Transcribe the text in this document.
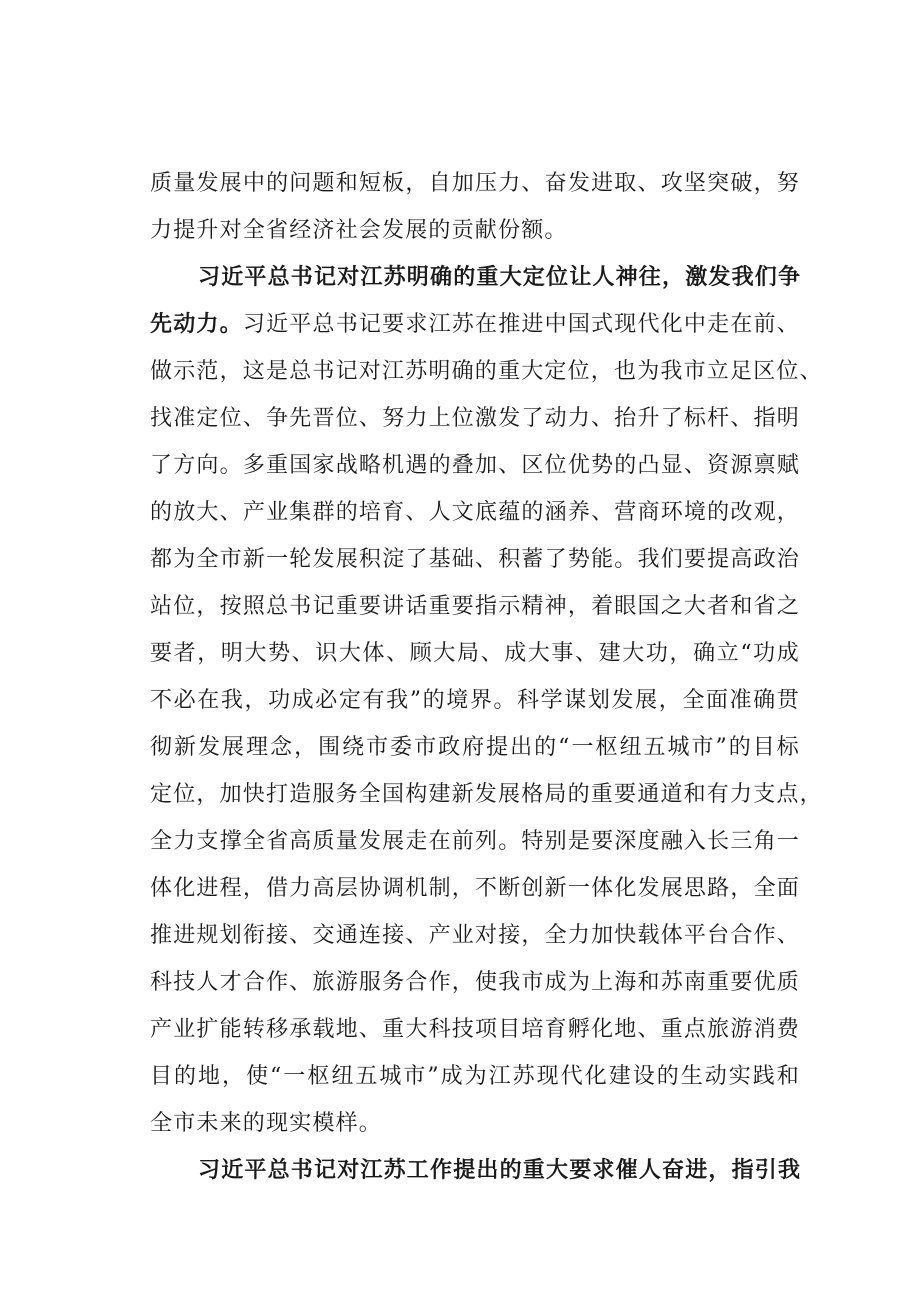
质量发展中的问题和短板，自加压力、奋发进取、攻坚突破，努
力提升对全省经济社会发展的贡献份额。
习近平总书记对江苏明确的重大定位让人神往，激发我们争
先动力。习近平总书记要求江苏在推进中国式现代化中走在前、
做示范，这是总书记对江苏明确的重大定位，也为我市立足区位、
找准定位、争先晋位、努力上位激发了动力、抬升了标杆、指明
了方向。多重国家战略机遇的叠加、区位优势的凸显、资源禀赋
的放大、产业集群的培育、人文底蕴的涵养、营商环境的改观，
都为全市新一轮发展积淀了基础、积蓄了势能。我们要提高政治
站位，按照总书记重要讲话重要指示精神，着眼国之大者和省之
要者，明大势、识大体、顾大局、成大事、建大功，确立“功成
不必在我，功成必定有我”的境界。科学谋划发展，全面准确贯
彻新发展理念，围绕市委市政府提出的“一枢纽五城市”的目标
定位，加快打造服务全国构建新发展格局的重要通道和有力支点，
全力支撑全省高质量发展走在前列。特别是要深度融入长三角一
体化进程，借力高层协调机制，不断创新一体化发展思路，全面
推进规划衔接、交通连接、产业对接，全力加快载体平台合作、
科技人才合作、旅游服务合作，使我市成为上海和苏南重要优质
产业扩能转移承载地、重大科技项目培育孵化地、重点旅游消费
目的地，使“一枢纽五城市”成为江苏现代化建设的生动实践和
全市未来的现实模样。
习近平总书记对江苏工作提出的重大要求催人奋进，指引我
